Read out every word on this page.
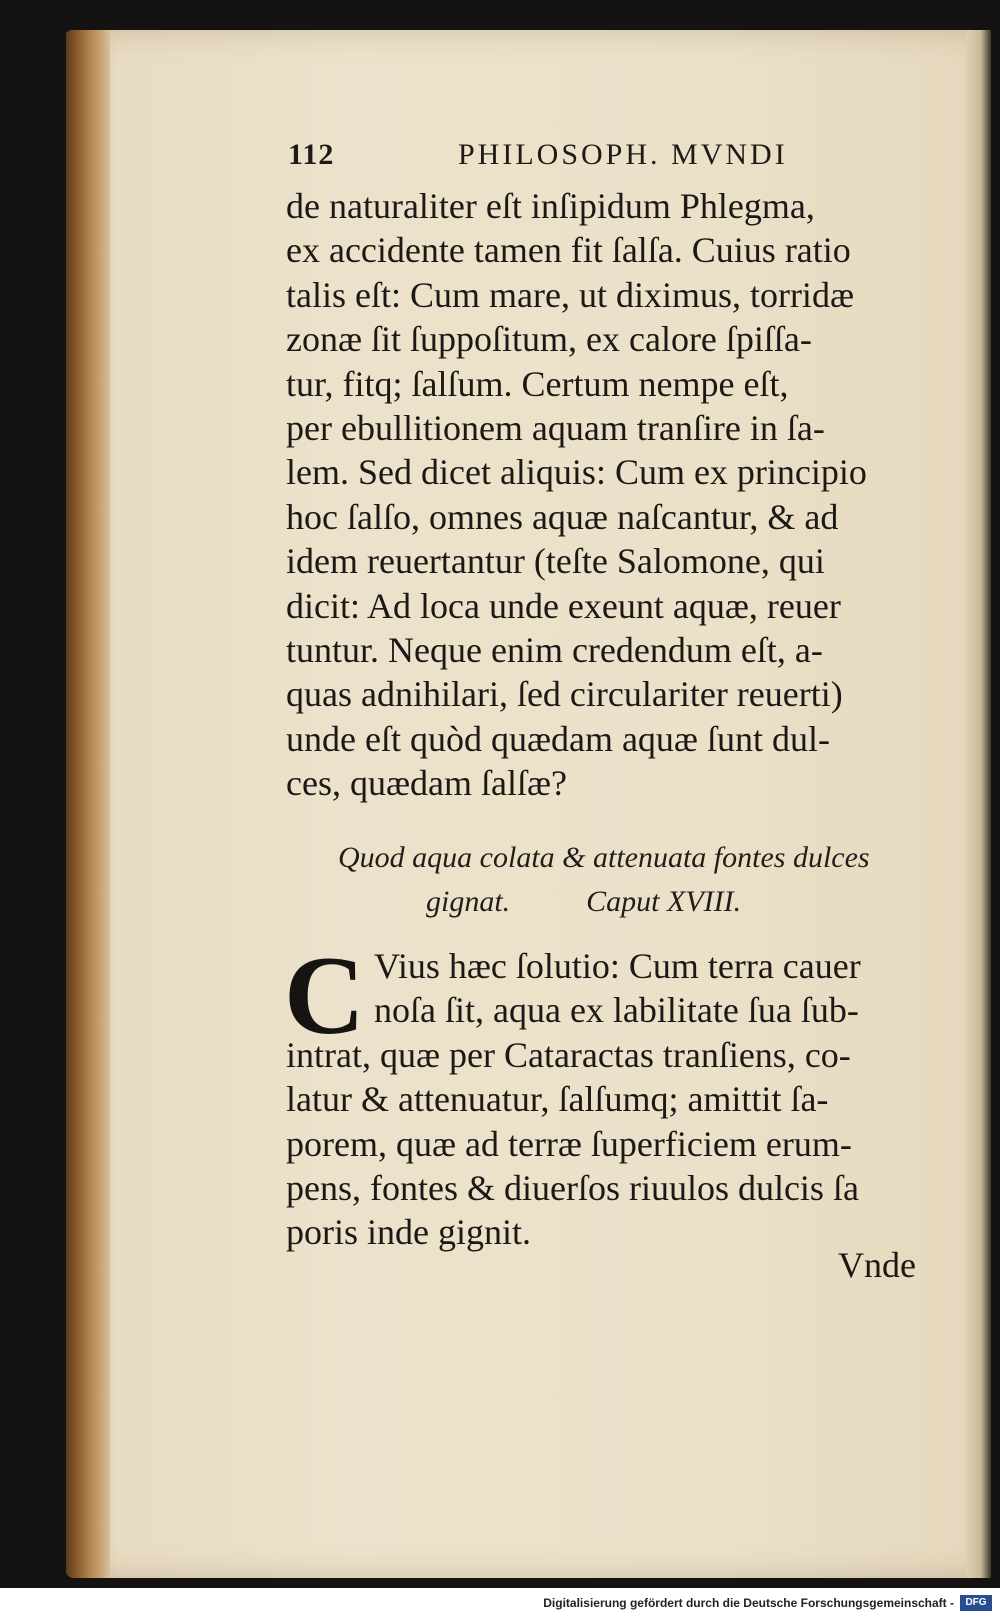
112	PHILOSOPH. MVNDI
de naturaliter eſt inſipidum Phlegma,
ex accidente tamen fit ſalſa. Cuius ratio
talis eſt: Cum mare, ut diximus, torridæ
zonæ ſit ſuppoſitum, ex calore ſpiſſa-
tur, fitq; ſalſum. Certum nempe eſt,
per ebullitionem aquam tranſire in ſa-
lem. Sed dicet aliquis: Cum ex principio
hoc ſalſo, omnes aquæ naſcantur, & ad
idem reuertantur (teſte Salomone, qui
dicit: Ad loca unde exeunt aquæ, reuer
tuntur. Neque enim credendum eſt, a-
quas adnihilari, ſed circulariter reuerti)
unde eſt quòd quædam aquæ ſunt dul-
ces, quædam ſalſæ?
Quod aqua colata & attenuata fontes dulces
gignat.	Caput XVIII.
C Vius hæc ſolutio: Cum terra cauer
noſa ſit, aqua ex labilitate ſua ſub-
intrat, quæ per Cataractas tranſiens, co-
latur & attenuatur, ſalſumq; amittit ſa-
porem, quæ ad terræ ſuperficiem erum-
pens, fontes & diuerſos riuulos dulcis ſa
poris inde gignit.
Vnde
Digitalisierung gefördert durch die Deutsche Forschungsgemeinschaft -	DFG
